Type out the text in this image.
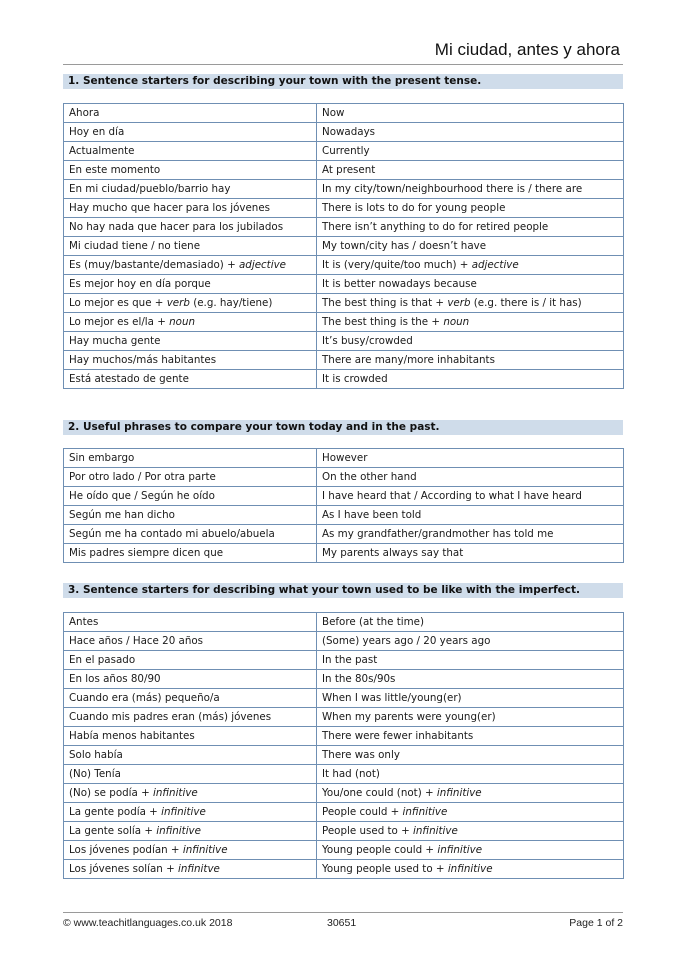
Mi ciudad, antes y ahora
1. Sentence starters for describing your town with the present tense.
Ahora	Now
Hoy en día	Nowadays
Actualmente	Currently
En este momento	At present
En mi ciudad/pueblo/barrio hay	In my city/town/neighbourhood there is / there are
Hay mucho que hacer para los jóvenes	There is lots to do for young people
No hay nada que hacer para los jubilados	There isn’t anything to do for retired people
Mi ciudad tiene / no tiene	My town/city has / doesn’t have
Es (muy/bastante/demasiado) + adjective	It is (very/quite/too much) + adjective
Es mejor hoy en día porque	It is better nowadays because
Lo mejor es que + verb (e.g. hay/tiene)	The best thing is that + verb (e.g. there is / it has)
Lo mejor es el/la + noun	The best thing is the + noun
Hay mucha gente	It’s busy/crowded
Hay muchos/más habitantes	There are many/more inhabitants
Está atestado de gente	It is crowded
2. Useful phrases to compare your town today and in the past.
Sin embargo	However
Por otro lado / Por otra parte	On the other hand
He oído que / Según he oído	I have heard that / According to what I have heard
Según me han dicho	As I have been told
Según me ha contado mi abuelo/abuela	As my grandfather/grandmother has told me
Mis padres siempre dicen que	My parents always say that
3. Sentence starters for describing what your town used to be like with the imperfect.
Antes	Before (at the time)
Hace años / Hace 20 años	(Some) years ago / 20 years ago
En el pasado	In the past
En los años 80/90	In the 80s/90s
Cuando era (más) pequeño/a	When I was little/young(er)
Cuando mis padres eran (más) jóvenes	When my parents were young(er)
Había menos habitantes	There were fewer inhabitants
Solo había	There was only
(No) Tenía	It had (not)
(No) se podía + infinitive	You/one could (not) + infinitive
La gente podía + infinitive	People could + infinitive
La gente solía + infinitive	People used to + infinitive
Los jóvenes podían + infinitive	Young people could + infinitive
Los jóvenes solían + infinitve	Young people used to + infinitive
© www.teachitlanguages.co.uk 2018	30651	Page 1 of 2
